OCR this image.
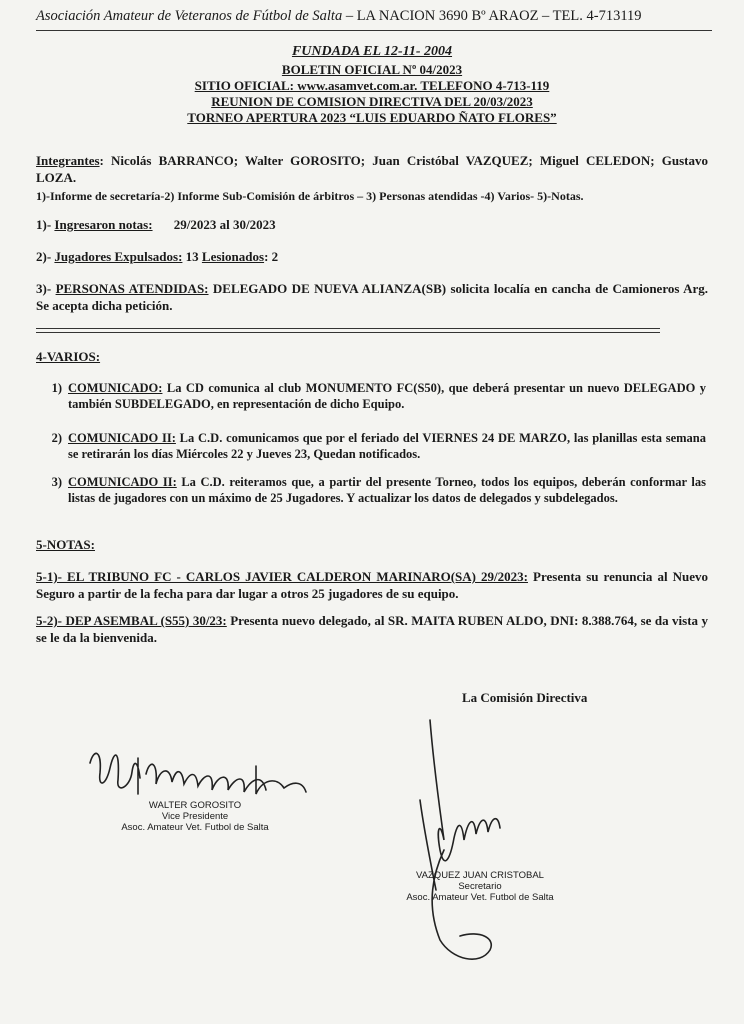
Asociación Amateur de Veteranos de Fútbol de Salta – LA NACION 3690 Bº ARAOZ – TEL. 4-713119
FUNDADA EL 12-11- 2004
BOLETIN OFICIAL Nº 04/2023
SITIO OFICIAL: www.asamvet.com.ar. TELEFONO 4-713-119
REUNION DE COMISION DIRECTIVA DEL 20/03/2023
TORNEO APERTURA 2023 “LUIS EDUARDO ÑATO FLORES”
Integrantes: Nicolás BARRANCO; Walter GOROSITO; Juan Cristóbal VAZQUEZ; Miguel CELEDON; Gustavo LOZA.
1)-Informe de secretaría-2) Informe Sub-Comisión de árbitros – 3) Personas atendidas -4) Varios- 5)-Notas.
1)- Ingresaron notas: 29/2023 al 30/2023
2)- Jugadores Expulsados: 13 Lesionados: 2
3)- PERSONAS ATENDIDAS: DELEGADO DE NUEVA ALIANZA(SB) solicita localía en cancha de Camioneros Arg. Se acepta dicha petición.
4-VARIOS:
1) COMUNICADO: La CD comunica al club MONUMENTO FC(S50), que deberá presentar un nuevo DELEGADO y también SUBDELEGADO, en representación de dicho Equipo.
2) COMUNICADO II: La C.D. comunicamos que por el feriado del VIERNES 24 DE MARZO, las planillas esta semana se retirarán los días Miércoles 22 y Jueves 23, Quedan notificados.
3) COMUNICADO II: La C.D. reiteramos que, a partir del presente Torneo, todos los equipos, deberán conformar las listas de jugadores con un máximo de 25 Jugadores. Y actualizar los datos de delegados y subdelegados.
5-NOTAS:
5-1)- EL TRIBUNO FC - CARLOS JAVIER CALDERON MARINARO(SA) 29/2023: Presenta su renuncia al Nuevo Seguro a partir de la fecha para dar lugar a otros 25 jugadores de su equipo.
5-2)- DEP ASEMBAL (S55) 30/23: Presenta nuevo delegado, al SR. MAITA RUBEN ALDO, DNI: 8.388.764, se da vista y se le da la bienvenida.
La Comisión Directiva
WALTER GOROSITO
Vice Presidente
Asoc. Amateur Vet. Futbol de Salta
VAZQUEZ JUAN CRISTOBAL
Secretario
Asoc. Amateur Vet. Futbol de Salta
